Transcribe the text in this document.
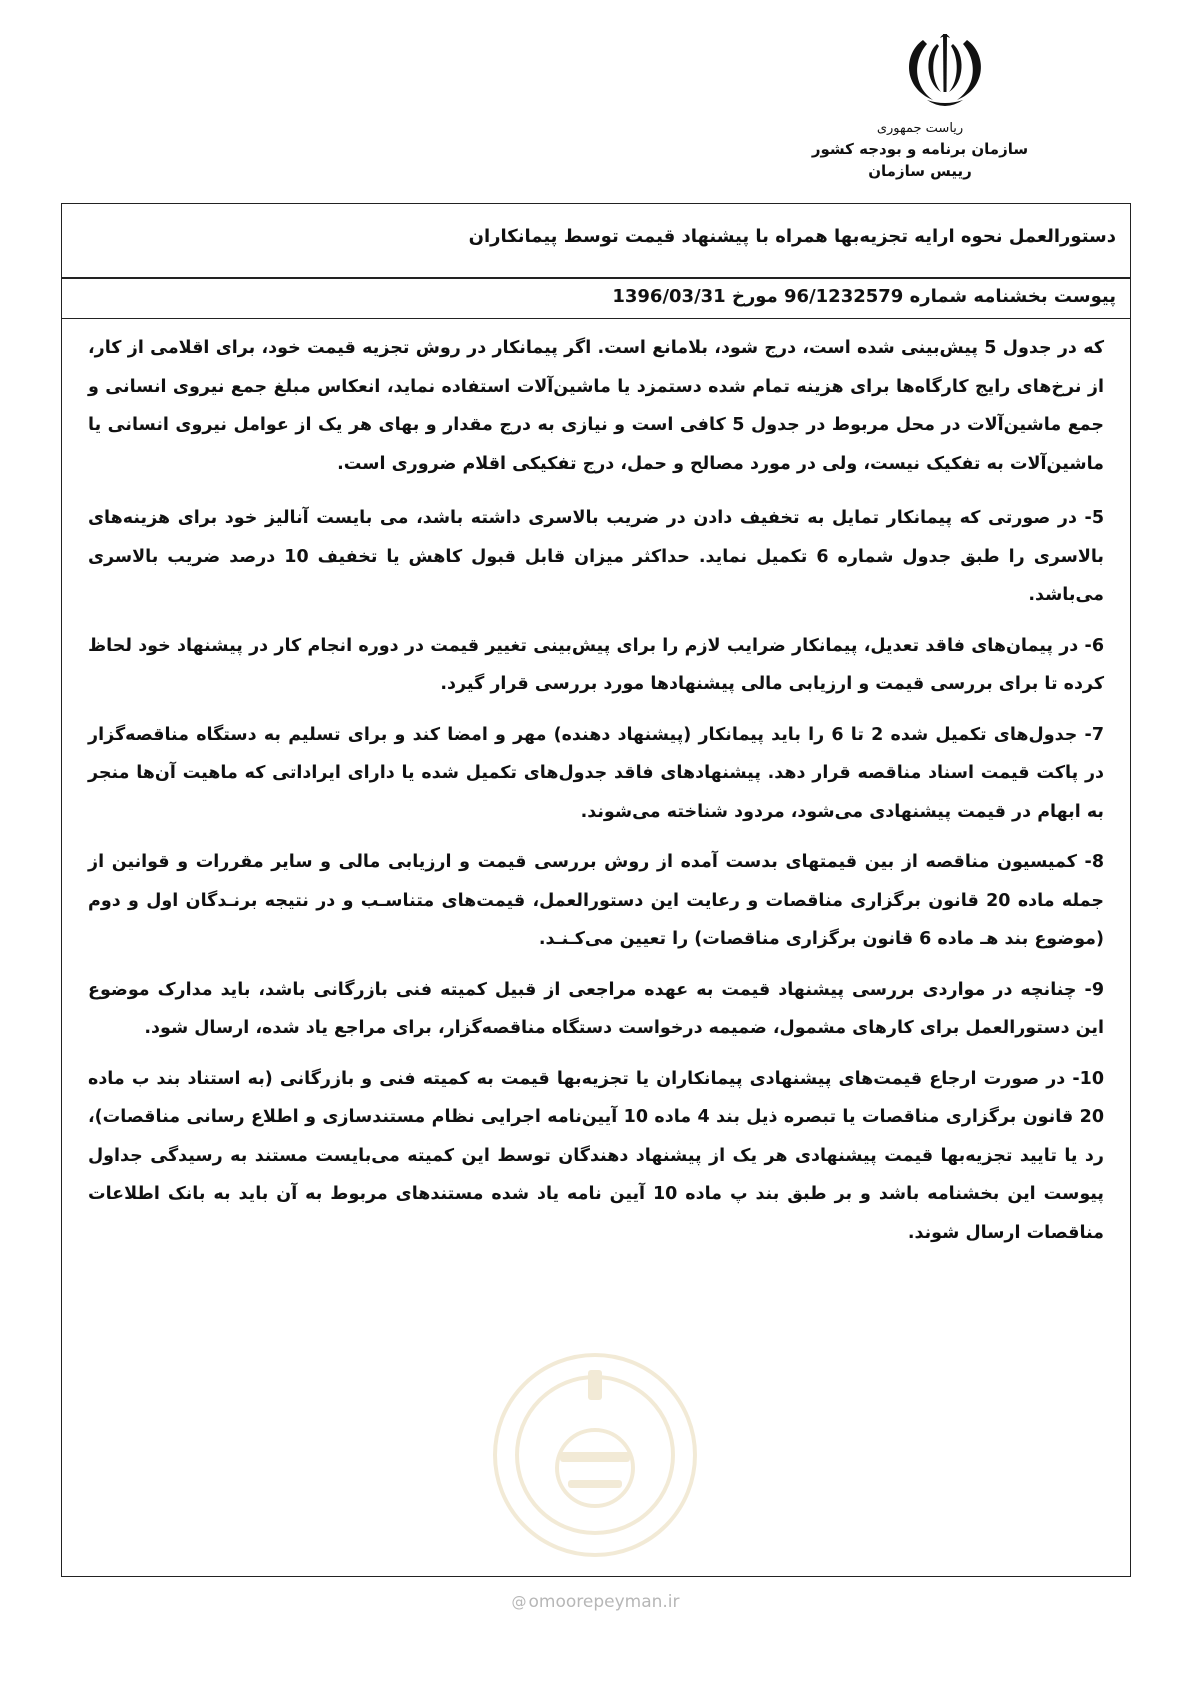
ریاست جمهوری
سازمان برنامه و بودجه کشور
رییس سازمان
دستورالعمل نحوه ارایه تجزیه‌بها همراه با پیشنهاد قیمت توسط پیمانکاران
پیوست بخشنامه شماره 96/1232579 مورخ 1396/03/31

که در جدول 5 پیش‌بینی شده است، درج شود، بلامانع است. اگر پیمانکار در روش تجزیه قیمت خود، برای اقلامی از کار، از نرخ‌های رایج کارگاه‌ها برای هزینه تمام شده دستمزد یا ماشین‌آلات استفاده نماید، انعکاس مبلغ جمع نیروی انسانی و جمع ماشین‌آلات در محل مربوط در جدول 5 کافی است و نیازی به درج مقدار و بهای هر یک از عوامل نیروی انسانی یا ماشین‌آلات به تفکیک نیست، ولی در مورد مصالح و حمل، درج تفکیکی اقلام ضروری است.

5- در صورتی که پیمانکار تمایل به تخفیف دادن در ضریب بالاسری داشته باشد، می بایست آنالیز خود برای هزینه‌های بالاسری را طبق جدول شماره 6 تکمیل نماید. حداکثر میزان قابل قبول کاهش یا تخفیف 10 درصد ضریب بالاسری می‌باشد.

6- در پیمان‌های فاقد تعدیل، پیمانکار ضرایب لازم را برای پیش‌بینی تغییر قیمت در دوره انجام کار در پیشنهاد خود لحاظ کرده تا برای بررسی قیمت و ارزیابی مالی پیشنهادها مورد بررسی قرار گیرد.

7- جدول‌های تکمیل شده 2 تا 6 را باید پیمانکار (پیشنهاد دهنده) مهر و امضا کند و برای تسلیم به دستگاه مناقصه‌گزار در پاکت قیمت اسناد مناقصه قرار دهد. پیشنهادهای فاقد جدول‌های تکمیل شده یا دارای ایراداتی که ماهیت آن‌ها منجر به ابهام در قیمت پیشنهادی می‌شود، مردود شناخته می‌شوند.

8- کمیسیون مناقصه از بین قیمتهای بدست آمده از روش بررسی قیمت و ارزیابی مالی و سایر مقررات و قوانین از جمله ماده 20 قانون برگزاری مناقصات و رعایت این دستورالعمل، قیمت‌های متناسـب و در نتیجه برنـدگان اول و دوم (موضوع بند هـ ماده 6 قانون برگزاری مناقصات) را تعیین می‌کـنـد.

9- چنانچه در مواردی بررسی پیشنهاد قیمت به عهده مراجعی از قبیل کمیته فنی بازرگانی باشد، باید مدارک موضوع این دستورالعمل برای کارهای مشمول، ضمیمه درخواست دستگاه مناقصه‌گزار، برای مراجع یاد شده، ارسال شود.

10- در صورت ارجاع قیمت‌های پیشنهادی پیمانکاران یا تجزیه‌بها قیمت به کمیته فنی و بازرگانی (به استناد بند ب ماده 20 قانون برگزاری مناقصات یا تبصره ذیل بند 4 ماده 10 آیین‌نامه اجرایی نظام مستندسازی و اطلاع رسانی مناقصات)، رد یا تایید تجزیه‌بها قیمت پیشنهادی هر یک از پیشنهاد دهندگان توسط این کمیته می‌بایست مستند به رسیدگی جداول پیوست این بخشنامه باشد و بر طبق بند پ ماده 10 آیین نامه یاد شده مستندهای مربوط به آن باید به بانک اطلاعات مناقصات ارسال شوند.

@ omoorepeyman.ir
